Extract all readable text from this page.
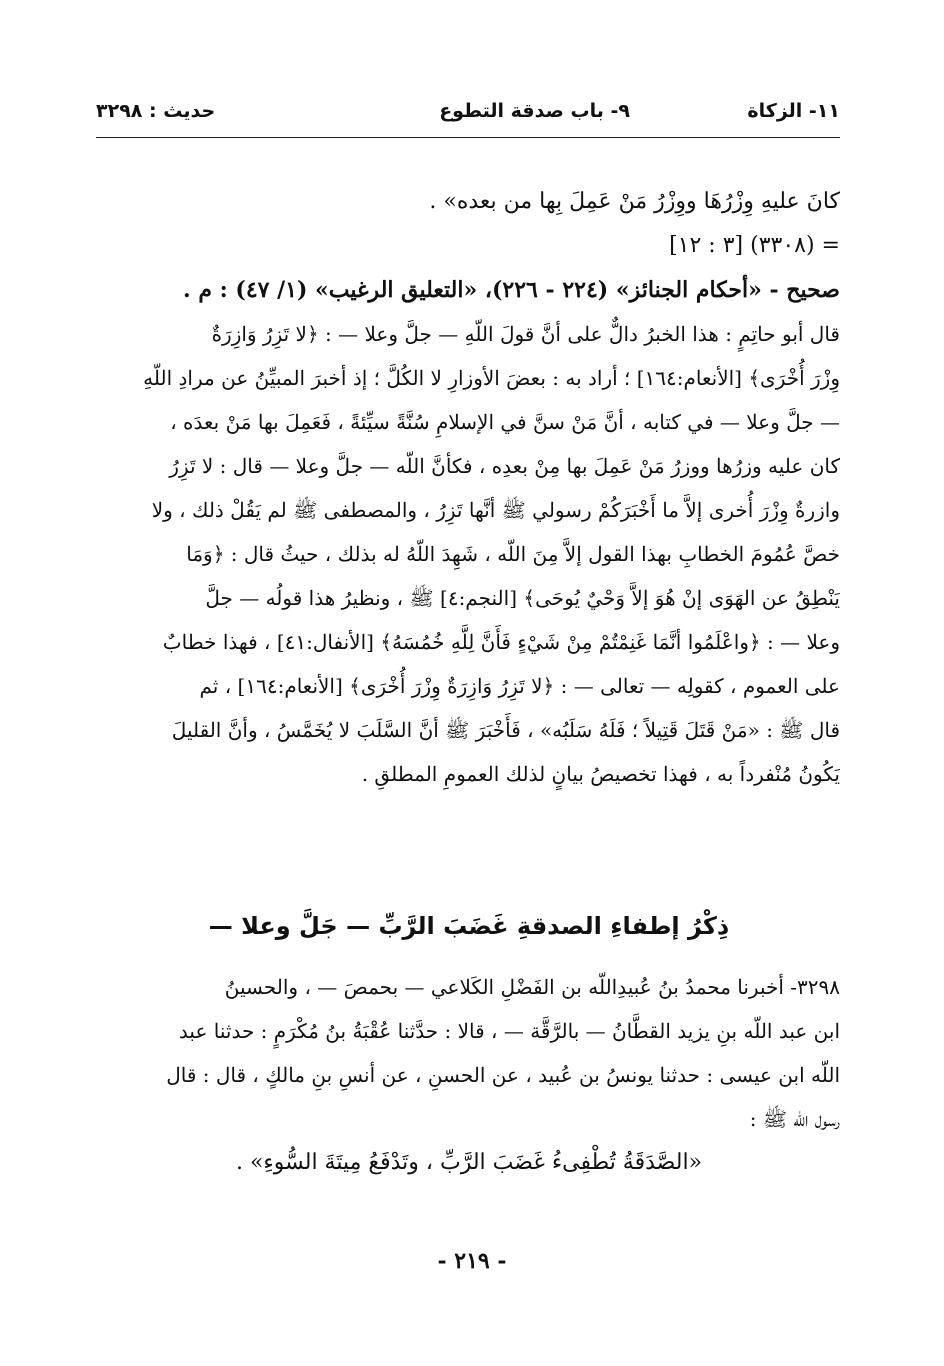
١١- الزكاة
٩- باب صدقة التطوع
حديث : ٣٢٩٨
كانَ عليهِ وِزْرُهَا ووِزْرُ مَنْ عَمِلَ بِها من بعده» .
= (٣٣٠٨) [٣ : ١٢]
صحيح - «أحكام الجنائز» (٢٢٤ - ٢٢٦)، «التعليق الرغيب» (١/ ٤٧) : م .
قال أبو حاتِمٍ : هذا الخبرُ دالٌّ على أنَّ قولَ اللّهِ — جلَّ وعلا — : ﴿لا تَزِرُ وَازِرَةٌ
وِزْرَ أُخْرَى﴾ [الأنعام:١٦٤] ؛ أراد به : بعضَ الأوزارِ لا الكُلَّ ؛ إذ أخبرَ المبيِّنُ عن مرادِ اللّهِ
— جلَّ وعلا — في كتابه ، أنَّ مَنْ سنَّ في الإسلامِ سُنَّةً سيِّئةً ، فَعَمِلَ بها مَنْ بعدَه ،
كان عليه وزرُها ووزرُ مَنْ عَمِلَ بها مِنْ بعدِه ، فكأنَّ اللّه — جلَّ وعلا — قال : لا تَزِرُ
وازرةٌ وِزْرَ أُخرى إلاَّ ما أَخْبَرَكُمْ رسولي ﷺ أنَّها تَزِرُ ، والمصطفى ﷺ لم يَقُلْ ذلك ، ولا
خصَّ عُمُومَ الخطابِ بهذا القول إلاَّ مِنَ اللّه ، شَهِدَ اللّهُ له بذلك ، حيثُ قال : ﴿وَمَا
يَنْطِقُ عن الهَوَى إنْ هُوَ إلاَّ وَحْيٌ يُوحَى﴾ [النجم:٤] ﷺ ، ونظيرُ هذا قولُه — جلَّ
وعلا — : ﴿واعْلَمُوا أنَّمَا غَنِمْتُمْ مِنْ شَيْءٍ فَأَنَّ لِلَّهِ خُمُسَهُ﴾ [الأنفال:٤١] ، فهذا خطابٌ
على العموم ، كقولِه — تعالى — : ﴿لا تَزِرُ وَازِرَةٌ وِزْرَ أُخْرَى﴾ [الأنعام:١٦٤] ، ثم
قال ﷺ : «مَنْ قَتَلَ قَتِيلاً ؛ فَلَهُ سَلَبُه» ، فَأَخْبَرَ ﷺ أنَّ السَّلَبَ لا يُخَمَّسُ ، وأنَّ القليلَ
يَكُونُ مُنْفرداً به ، فهذا تخصيصُ بيانٍ لذلك العمومِ المطلقِ .
ذِكْرُ إطفاءِ الصدقةِ غَضَبَ الرَّبِّ — جَلَّ وعلا —
٣٢٩٨- أخبرنا محمدُ بنُ عُبيدِاللّه بن الفَضْلِ الكَلاعي — بحمصَ — ، والحسينُ
ابن عبد اللّه بنِ يزيد القطَّانُ — بالرَّقَّة — ، قالا : حدَّثنا عُقْبَةُ بنُ مُكْرَمٍ : حدثنا عبد
اللّه ابن عيسى : حدثنا يونسُ بن عُبيد ، عن الحسنِ ، عن أنسِ بنِ مالكٍ ، قال : قال
رسول اللّه ﷺ :
«الصَّدَقَةُ تُطْفِىءُ غَضَبَ الرَّبِّ ، وتَدْفَعُ مِيتَةَ السُّوءِ» .
- ٢١٩ -
